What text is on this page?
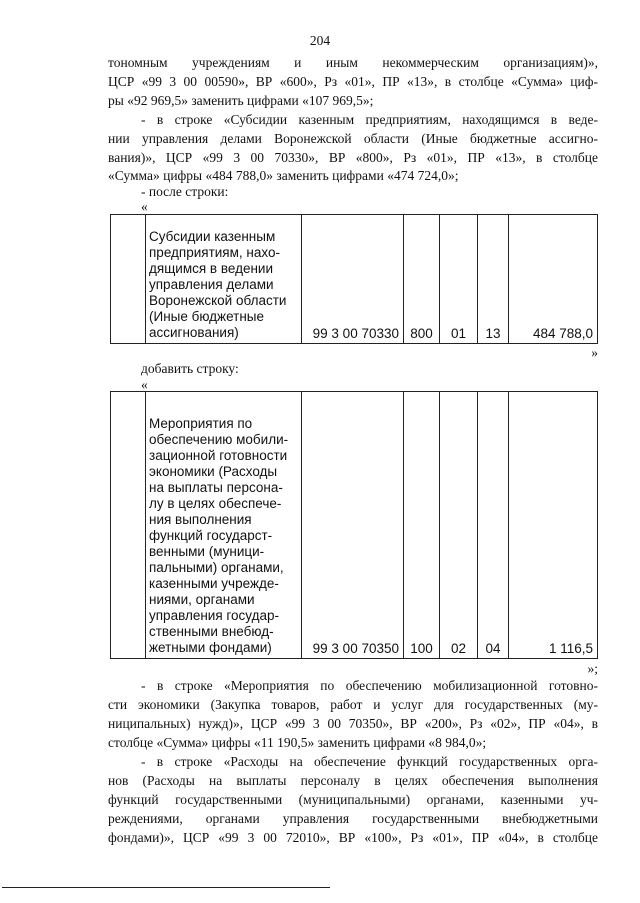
204
тономным учреждениям и иным некоммерческим организациям)»,
ЦСР «99 3 00 00590», ВР «600», Рз «01», ПР «13», в столбце «Сумма» циф-
ры «92 969,5» заменить цифрами «107 969,5»;
- в строке «Субсидии казенным предприятиям, находящимся в веде-
нии управления делами Воронежской области (Иные бюджетные ассигно-
вания)», ЦСР «99 3 00 70330», ВР «800», Рз «01», ПР «13», в столбце
«Сумма» цифры «484 788,0» заменить цифрами «474 724,0»;
- после строки:
«

Субсидии казенным
предприятиям, нахо-
дящимся в ведении
управления делами
Воронежской области
(Иные бюджетные
ассигнования)	99 3 00 70330	800	01	13	484 788,0
»
добавить строку:
«

Мероприятия по
обеспечению мобили-
зационной готовности
экономики (Расходы
на выплаты персона-
лу в целях обеспече-
ния выполнения
функций государст-
венными (муници-
пальными) органами,
казенными учрежде-
ниями, органами
управления государ-
ственными внебюд-
жетными фондами)	99 3 00 70350	100	02	04	1 116,5
»;
- в строке «Мероприятия по обеспечению мобилизационной готовно-
сти экономики (Закупка товаров, работ и услуг для государственных (му-
ниципальных) нужд)», ЦСР «99 3 00 70350», ВР «200», Рз «02», ПР «04», в
столбце «Сумма» цифры «11 190,5» заменить цифрами «8 984,0»;
- в строке «Расходы на обеспечение функций государственных орга-
нов (Расходы на выплаты персоналу в целях обеспечения выполнения
функций государственными (муниципальными) органами, казенными уч-
реждениями, органами управления государственными внебюджетными
фондами)», ЦСР «99 3 00 72010», ВР «100», Рз «01», ПР «04», в столбце
